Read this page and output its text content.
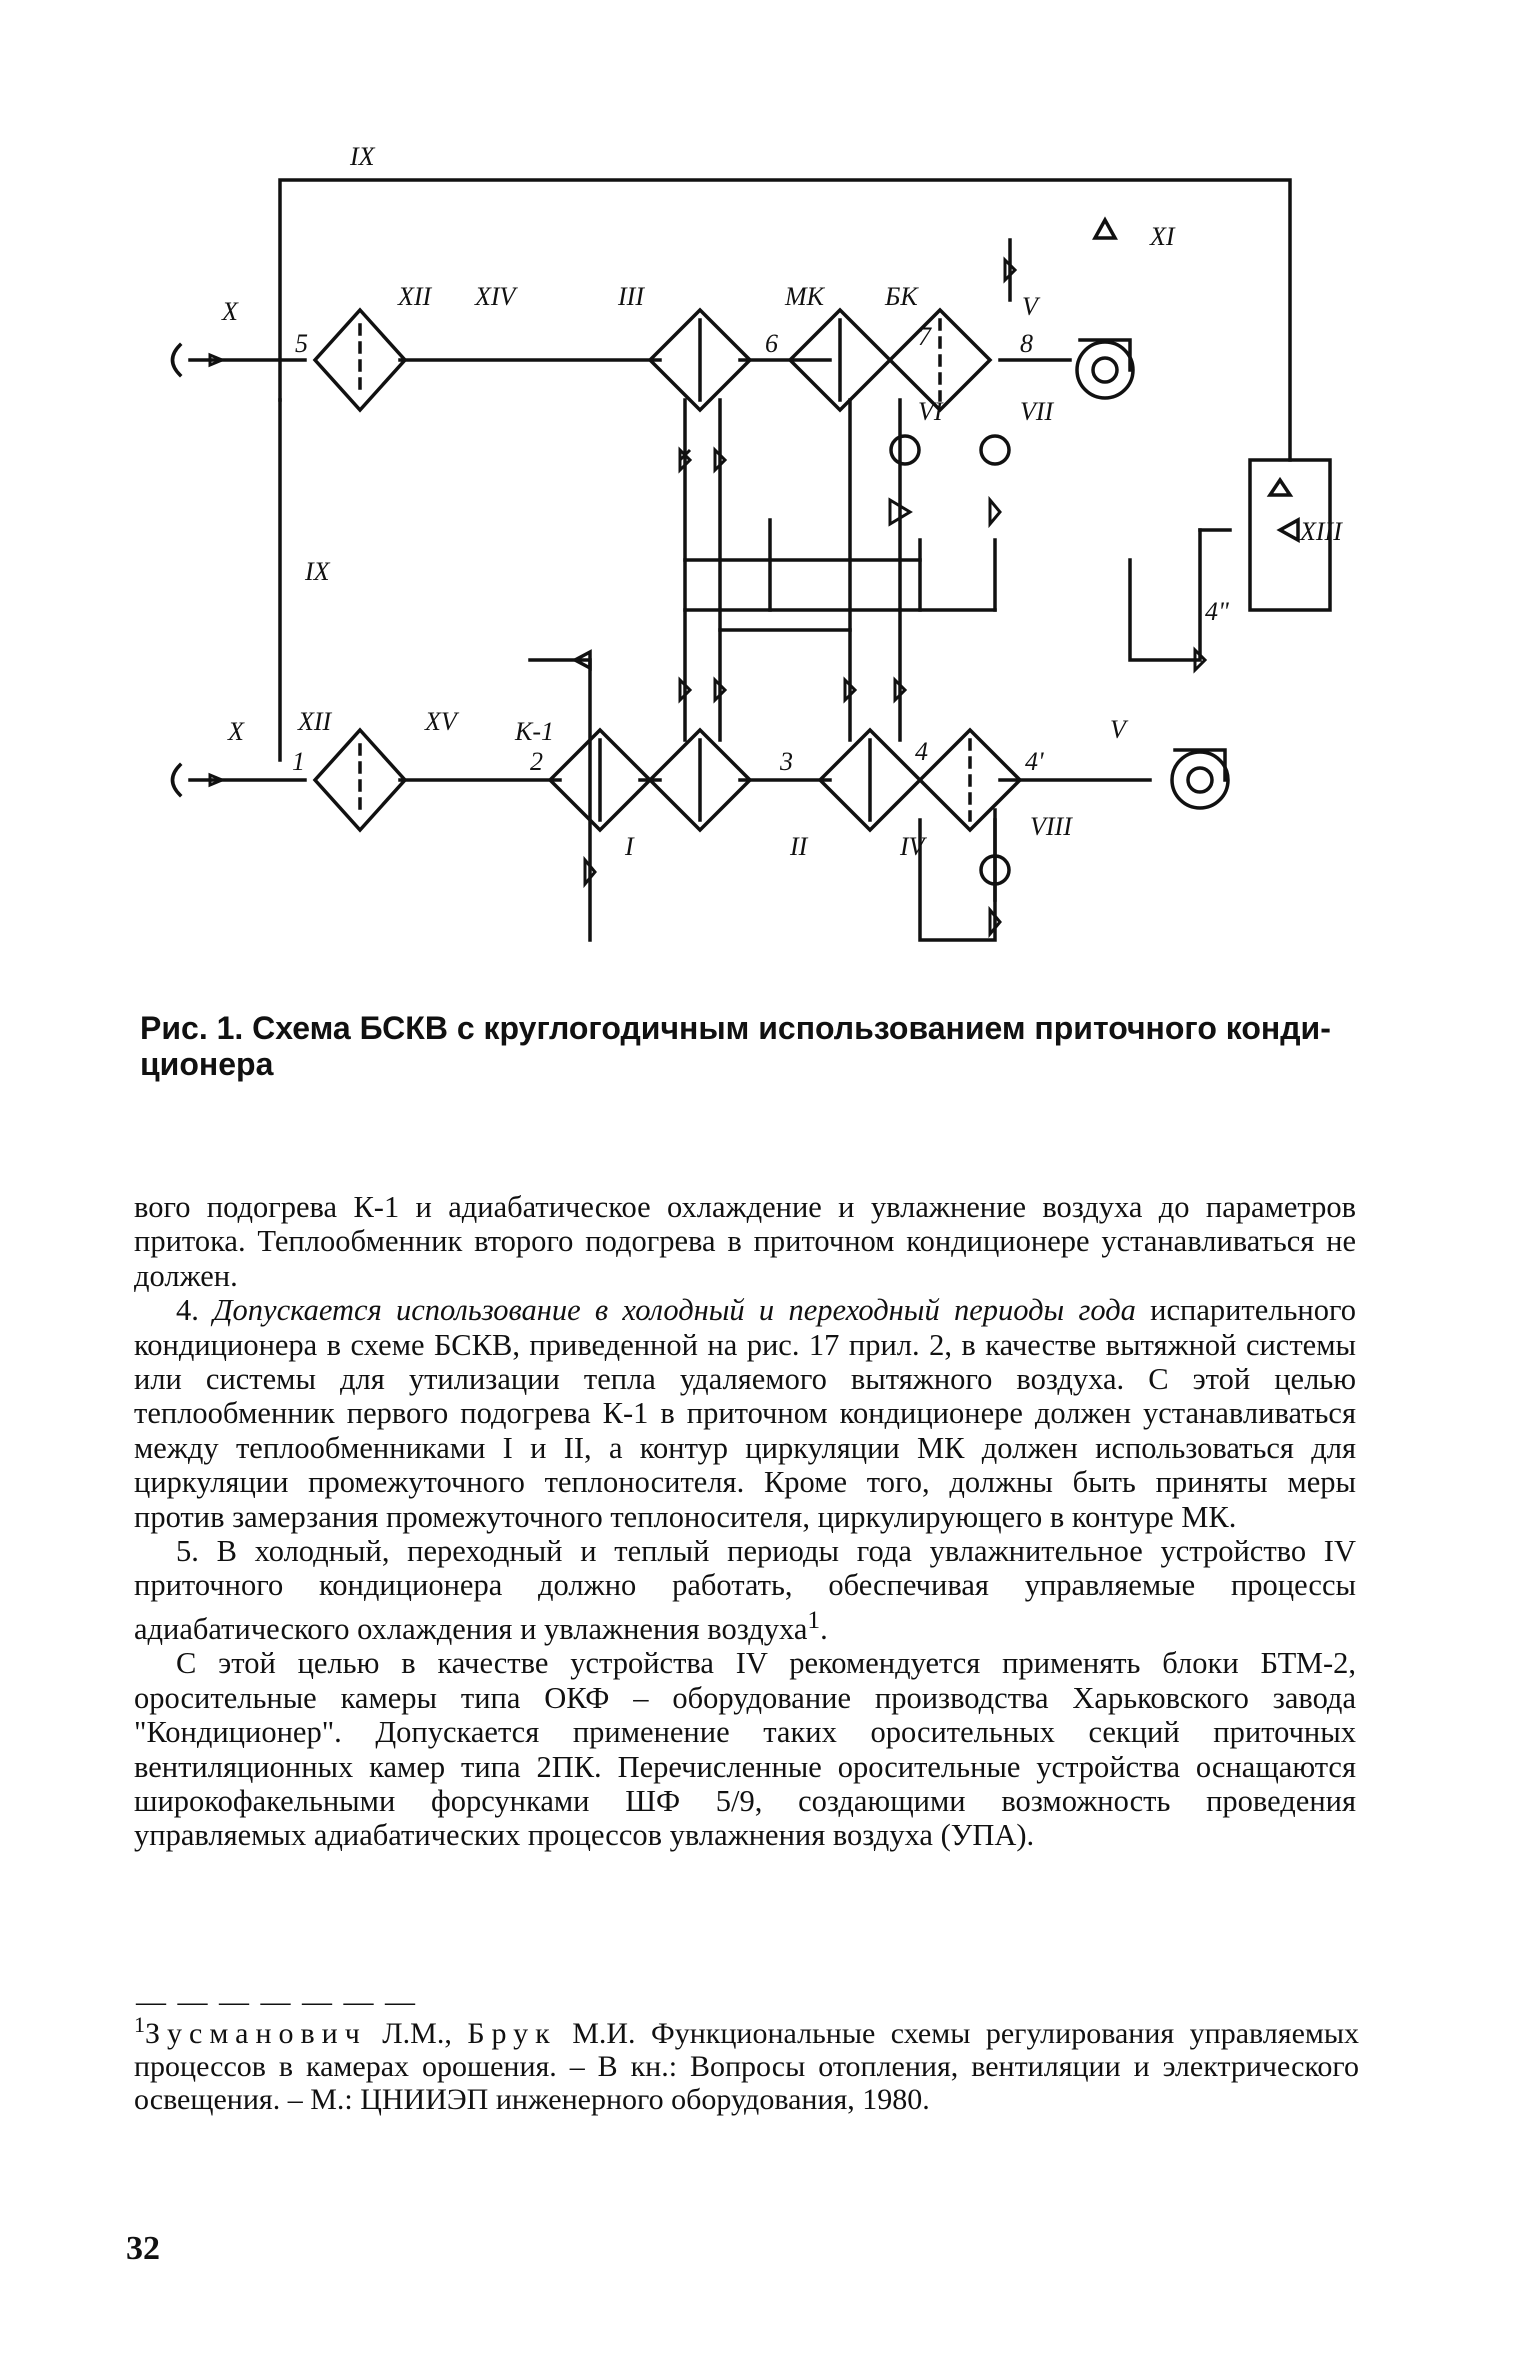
IX
IX
X
X
XII XIV	III	MK БК	V
XI
VI	VII
XIII
XII	XV K-1	V
I	II	IV
VIII
1	2	3	4	4'
4"
5	6	7	8
Рис. 1. Схема БСКВ с круглогодичным использованием приточного конди-ционера

вого подогрева К-1 и адиабатическое охлаждение и увлажнение воздуха до параметров притока. Теплообменник второго подогрева в приточном кондиционере устанавливаться не должен.

4. Допускается использование в холодный и переходный периоды года испарительного кондиционера в схеме БСКВ, приведенной на рис. 17 прил. 2, в качестве вытяжной системы или системы для утилизации тепла удаляемого вытяжного воздуха. С этой целью теплообменник первого подогрева К-1 в приточном кондиционере должен устанавливаться между теплообменниками I и II, а контур циркуляции МК должен использоваться для циркуляции промежуточного теплоносителя. Кроме того, должны быть приняты меры против замерзания промежуточного теплоносителя, циркулирующего в контуре МК.

5. В холодный, переходный и теплый периоды года увлажнительное устройство IV приточного кондиционера должно работать, обеспечивая управляемые процессы адиабатического охлаждения и увлажнения воздуха$^1$.

С этой целью в качестве устройства IV рекомендуется применять блоки БТМ-2, оросительные камеры типа ОКФ – оборудование производства Харьковского завода "Кондиционер". Допускается применение таких оросительных секций приточных вентиляционных камер типа 2ПК. Перечисленные оросительные устройства оснащаются широкофакельными форсунками ШФ 5/9, создающими возможность проведения управляемых адиабатических процессов увлажнения воздуха (УПА).

— — — — — — —
$^1$Зусманович Л.М., Брук М.И. Функциональные схемы регулирования управляемых процессов в камерах орошения. – В кн.: Вопросы отопления, вентиляции и электрического освещения. – М.: ЦНИИЭП инженерного оборудования, 1980.
32
